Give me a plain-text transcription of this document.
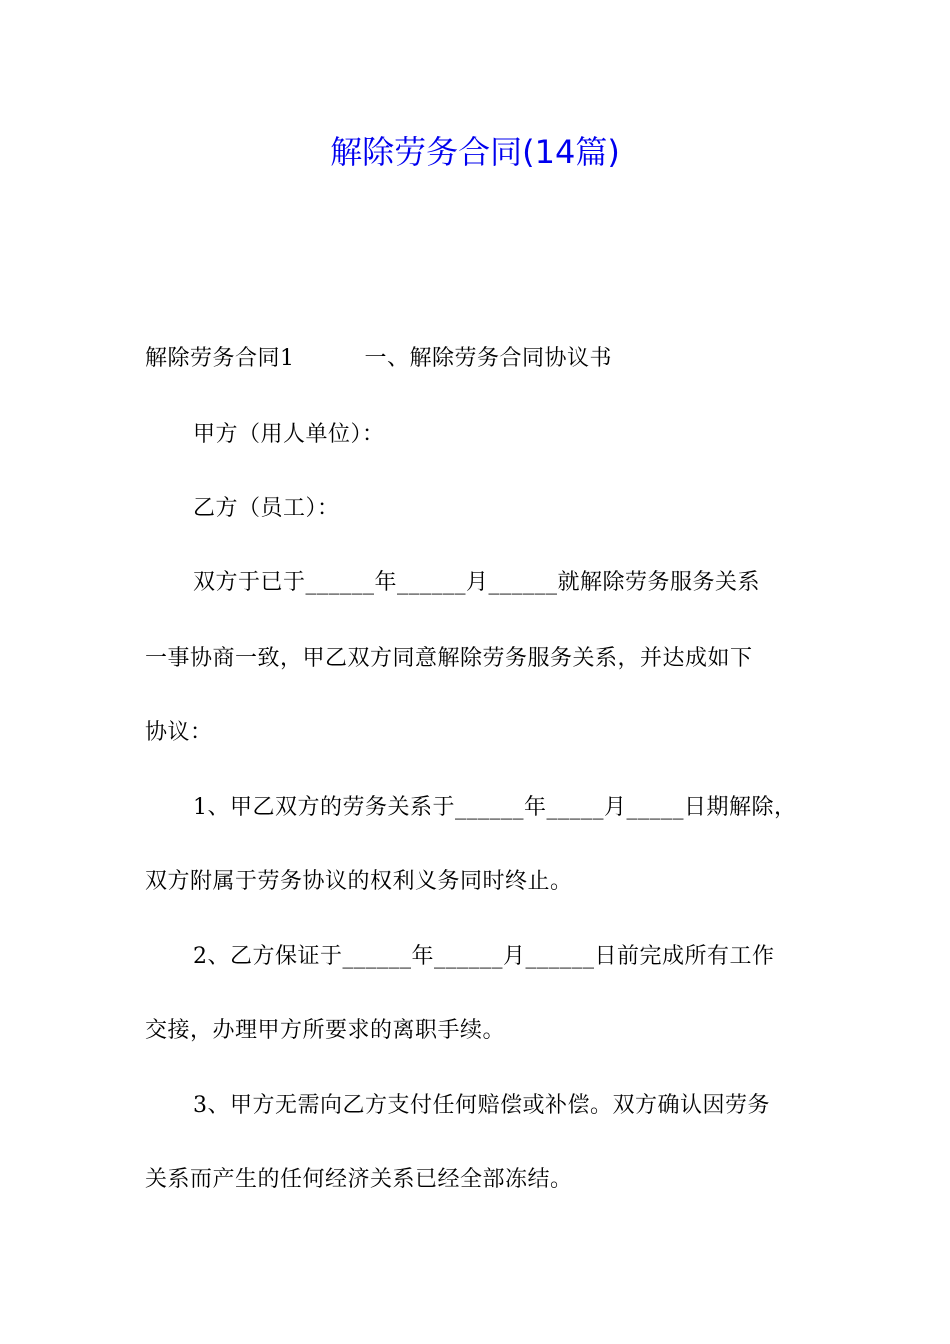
解除劳务合同(14篇)
解除劳务合同1	一、解除劳务合同协议书
甲方（用人单位）：
乙方（员工）：
双方于已于______年______月______就解除劳务服务关系
一事协商一致，甲乙双方同意解除劳务服务关系，并达成如下
协议：
1、甲乙双方的劳务关系于______年_____月_____日期解除，
双方附属于劳务协议的权利义务同时终止。
2、乙方保证于______年______月______日前完成所有工作
交接，办理甲方所要求的离职手续。
3、甲方无需向乙方支付任何赔偿或补偿。双方确认因劳务
关系而产生的任何经济关系已经全部冻结。
